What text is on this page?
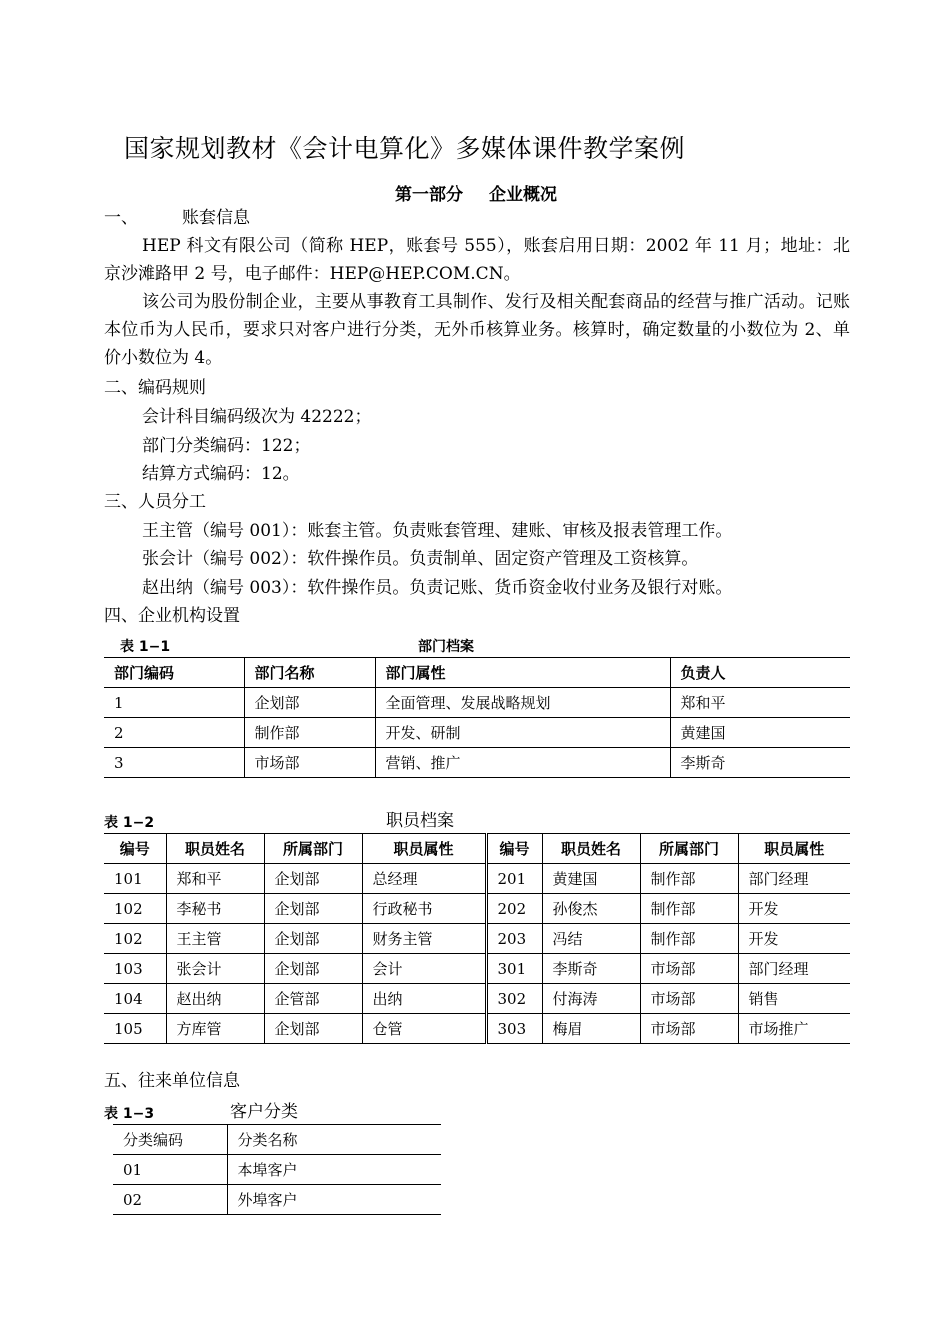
国家规划教材《会计电算化》多媒体课件教学案例
第一部分 企业概况
一、	账套信息
HEP 科文有限公司（简称 HEP，账套号 555），账套启用日期：2002 年 11 月；地址：北京沙滩路甲 2 号，电子邮件：HEP@HEP.COM.CN。
该公司为股份制企业，主要从事教育工具制作、发行及相关配套商品的经营与推广活动。记账本位币为人民币，要求只对客户进行分类，无外币核算业务。核算时，确定数量的小数位为 2、单价小数位为 4。
二、编码规则
会计科目编码级次为 42222；
部门分类编码：122；
结算方式编码：12。
三、人员分工
王主管（编号 001）：账套主管。负责账套管理、建账、审核及报表管理工作。
张会计（编号 002）：软件操作员。负责制单、固定资产管理及工资核算。
赵出纳（编号 003）：软件操作员。负责记账、货币资金收付业务及银行对账。
四、企业机构设置
表 1−1	部门档案
部门编码	部门名称	部门属性	负责人
1	企划部	全面管理、发展战略规划	郑和平
2	制作部	开发、研制	黄建国
3	市场部	营销、推广	李斯奇
表 1−2	职员档案
编号	职员姓名	所属部门	职员属性	编号	职员姓名	所属部门	职员属性
101	郑和平	企划部	总经理	201	黄建国	制作部	部门经理
102	李秘书	企划部	行政秘书	202	孙俊杰	制作部	开发
102	王主管	企划部	财务主管	203	冯结	制作部	开发
103	张会计	企划部	会计	301	李斯奇	市场部	部门经理
104	赵出纳	企管部	出纳	302	付海涛	市场部	销售
105	方库管	企划部	仓管	303	梅眉	市场部	市场推广
五、往来单位信息
表 1−3	客户分类
分类编码	分类名称
01	本埠客户
02	外埠客户
